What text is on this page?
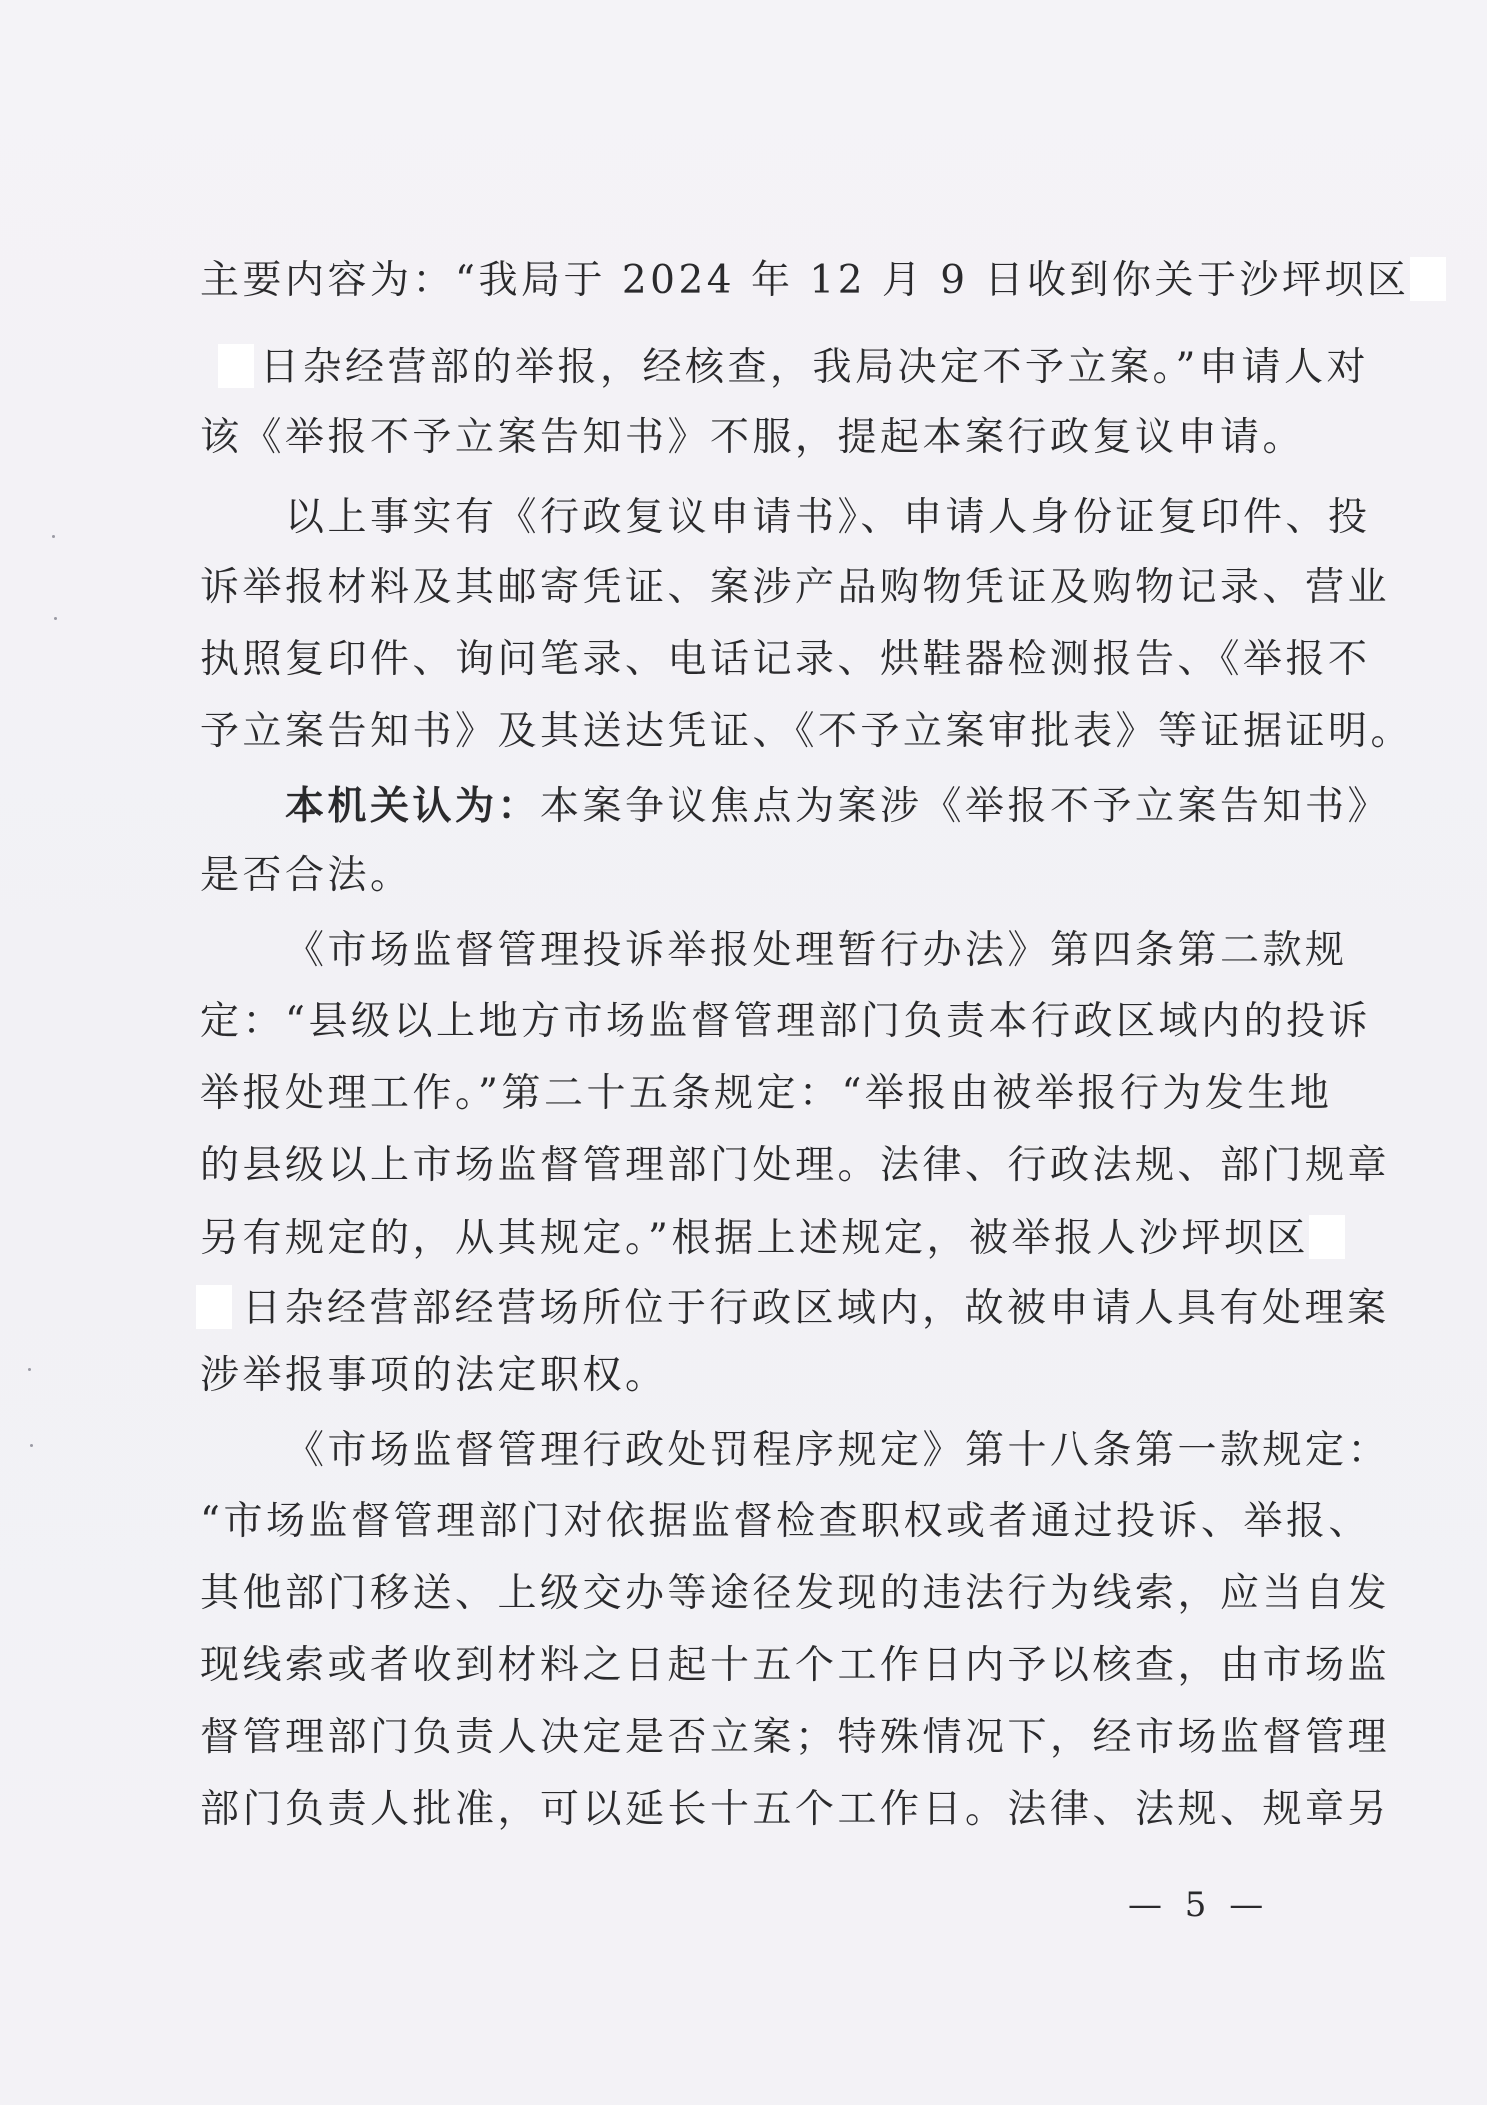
主要内容为：“我局于 2024 年 12 月 9 日收到你关于沙坪坝区
日杂经营部的举报，经核查，我局决定不予立案。”申请人对
该《举报不予立案告知书》不服，提起本案行政复议申请。
以上事实有《行政复议申请书》、申请人身份证复印件、投
诉举报材料及其邮寄凭证、案涉产品购物凭证及购物记录、营业
执照复印件、询问笔录、电话记录、烘鞋器检测报告、《举报不
予立案告知书》及其送达凭证、《不予立案审批表》等证据证明。
本机关认为：本案争议焦点为案涉《举报不予立案告知书》
是否合法。
《市场监督管理投诉举报处理暂行办法》第四条第二款规
定：“县级以上地方市场监督管理部门负责本行政区域内的投诉
举报处理工作。”第二十五条规定：“举报由被举报行为发生地
的县级以上市场监督管理部门处理。法律、行政法规、部门规章
另有规定的，从其规定。”根据上述规定，被举报人沙坪坝区
日杂经营部经营场所位于行政区域内，故被申请人具有处理案
涉举报事项的法定职权。
《市场监督管理行政处罚程序规定》第十八条第一款规定：
“市场监督管理部门对依据监督检查职权或者通过投诉、举报、
其他部门移送、上级交办等途径发现的违法行为线索，应当自发
现线索或者收到材料之日起十五个工作日内予以核查，由市场监
督管理部门负责人决定是否立案；特殊情况下，经市场监督管理
部门负责人批准，可以延长十五个工作日。法律、法规、规章另
— 5 —
